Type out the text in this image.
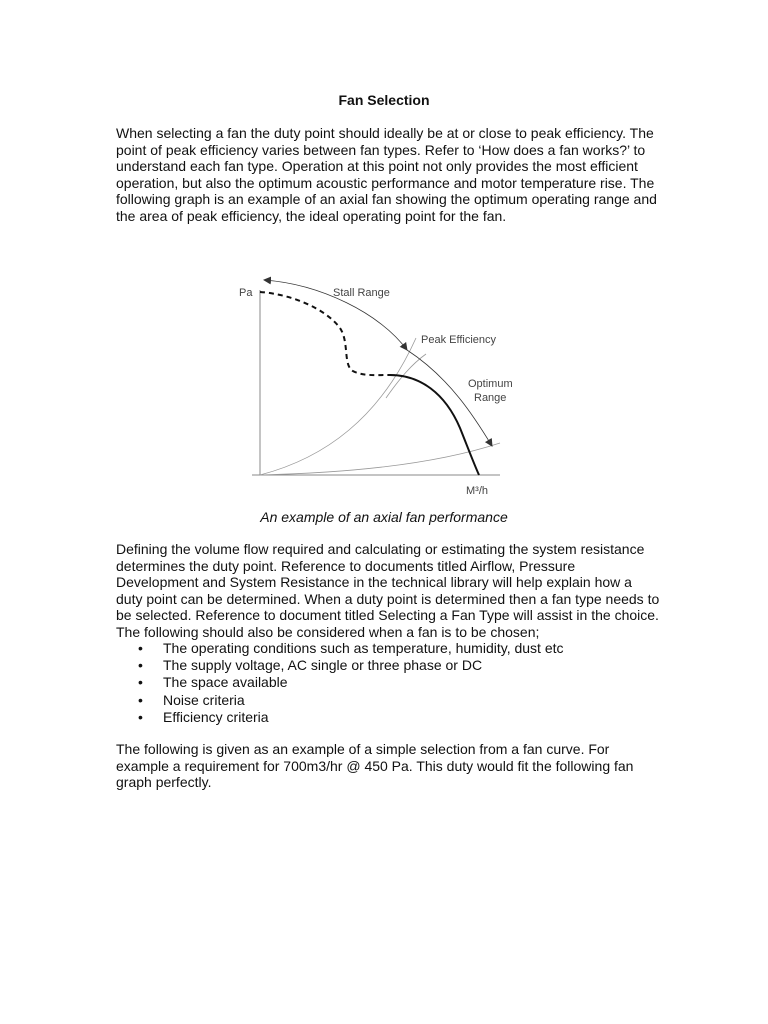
Fan Selection

When selecting a fan the duty point should ideally be at or close to peak efficiency. The point of peak efficiency varies between fan types. Refer to ‘How does a fan works?’ to understand each fan type. Operation at this point not only provides the most efficient operation, but also the optimum acoustic performance and motor temperature rise. The following graph is an example of an axial fan showing the optimum operating range and the area of peak efficiency, the ideal operating point for the fan.

Pa
M³/h
Stall Range
Peak Efficiency
Optimum
Range
An example of an axial fan performance

Defining the volume flow required and calculating or estimating the system resistance determines the duty point. Reference to documents titled Airflow, Pressure Development and System Resistance in the technical library will help explain how a duty point can be determined. When a duty point is determined then a fan type needs to be selected. Reference to document titled Selecting a Fan Type will assist in the choice. The following should also be considered when a fan is to be chosen;

• The operating conditions such as temperature, humidity, dust etc
• The supply voltage, AC single or three phase or DC
• The space available
• Noise criteria
• Efficiency criteria

The following is given as an example of a simple selection from a fan curve. For example a requirement for 700m3/hr @ 450 Pa. This duty would fit the following fan graph perfectly.
